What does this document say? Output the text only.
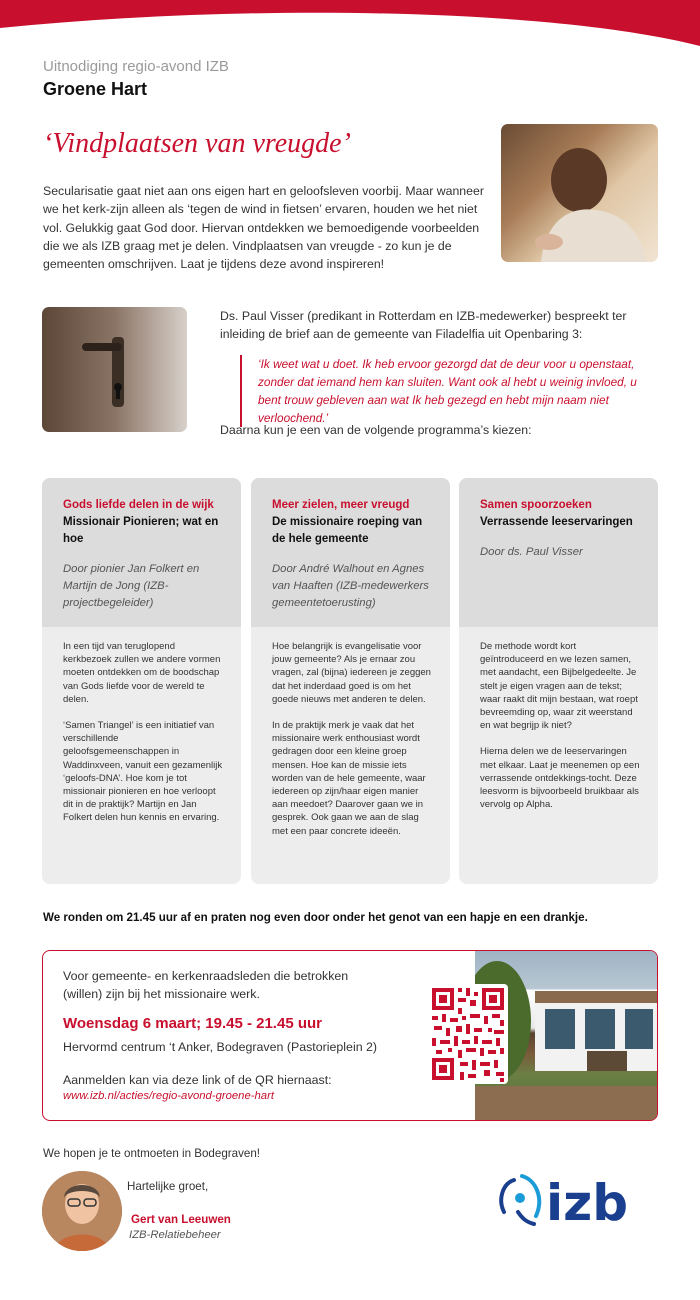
Uitnodiging regio-avond IZB
Groene Hart
‘Vindplaatsen van vreugde’

Secularisatie gaat niet aan ons eigen hart en geloofsleven voorbij. Maar wanneer we het kerk-zijn alleen als ‘tegen de wind in fietsen’ ervaren, houden we het niet vol. Gelukkig gaat God door. Hiervan ontdekken we bemoedigende voorbeelden die we als IZB graag met je delen. Vindplaatsen van vreugde - zo kun je de gemeenten omschrijven. Laat je tijdens deze avond inspireren!

Ds. Paul Visser (predikant in Rotterdam en IZB-medewerker) bespreekt ter inleiding de brief aan de gemeente van Filadelfia uit Openbaring 3:

‘Ik weet wat u doet. Ik heb ervoor gezorgd dat de deur voor u openstaat, zonder dat iemand hem kan sluiten. Want ook al hebt u weinig invloed, u bent trouw gebleven aan wat Ik heb gezegd en hebt mijn naam niet verloochend.’

Daarna kun je een van de volgende programma’s kiezen:

Gods liefde delen in de wijk
Missionair Pionieren; wat en hoe
Door pionier Jan Folkert en Martijn de Jong (IZB-projectbegeleider)

In een tijd van teruglopend kerkbezoek zullen we andere vormen moeten ontdekken om de boodschap van Gods liefde voor de wereld te delen.

‘Samen Triangel’ is een initiatief van verschillende geloofsgemeenschappen in Waddinxveen, vanuit een gezamenlijk ‘geloofs-DNA’. Hoe kom je tot missionair pionieren en hoe verloopt dit in de praktijk? Martijn en Jan Folkert delen hun kennis en ervaring.

Meer zielen, meer vreugd
De missionaire roeping van de hele gemeente
Door André Walhout en Agnes van Haaften (IZB-medewerkers gemeentetoerusting)

Hoe belangrijk is evangelisatie voor jouw gemeente? Als je ernaar zou vragen, zal (bijna) iedereen je zeggen dat het inderdaad goed is om het goede nieuws met anderen te delen.

In de praktijk merk je vaak dat het missionaire werk enthousiast wordt gedragen door een kleine groep mensen. Hoe kan de missie iets worden van de hele gemeente, waar iedereen op zijn/haar eigen manier aan meedoet? Daarover gaan we in gesprek. Ook gaan we aan de slag met een paar concrete ideeën.

Samen spoorzoeken
Verrassende leeservaringen
Door ds. Paul Visser

De methode wordt kort geïntroduceerd en we lezen samen, met aandacht, een Bijbelgedeelte. Je stelt je eigen vragen aan de tekst; waar raakt dit mijn bestaan, wat roept bevreemding op, waar zit weerstand en wat begrijp ik niet?

Hierna delen we de leeservaringen met elkaar. Laat je meenemen op een verrassende ontdekkings-tocht. Deze leesvorm is bijvoorbeeld bruikbaar als vervolg op Alpha.

We ronden om 21.45 uur af en praten nog even door onder het genot van een hapje en een drankje.

Voor gemeente- en kerkenraadsleden die betrokken (willen) zijn bij het missionaire werk.

Woensdag 6 maart; 19.45 - 21.45 uur
Hervormd centrum ‘t Anker, Bodegraven (Pastorieplein 2)
Aanmelden kan via deze link of de QR hiernaast:
www.izb.nl/acties/regio-avond-groene-hart

We hopen je te ontmoeten in Bodegraven!

Hartelijke groet,
Gert van Leeuwen
IZB-Relatiebeheer
izb
